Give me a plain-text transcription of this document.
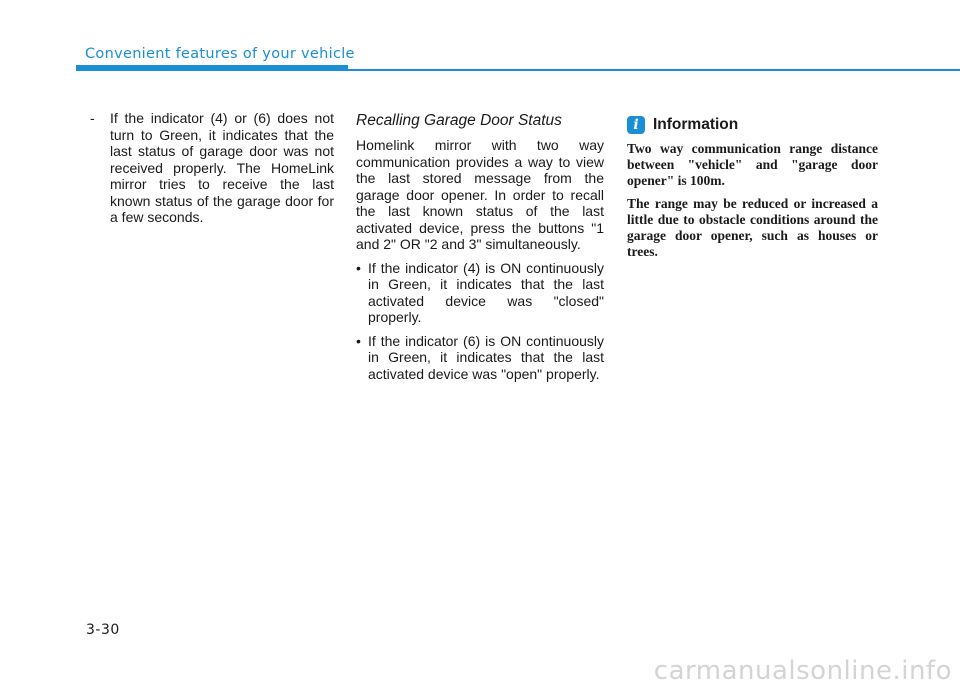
Convenient features of your vehicle
- If the indicator (4) or (6) does not turn to Green, it indicates that the last status of garage door was not received properly. The HomeLink mirror tries to receive the last known status of the garage door for a few seconds.
Recalling Garage Door Status
Homelink mirror with two way communication provides a way to view the last stored message from the garage door opener. In order to recall the last known status of the last activated device, press the buttons "1 and 2" OR "2 and 3" simultaneously.
• If the indicator (4) is ON continuously in Green, it indicates that the last activated device was "closed" properly.
• If the indicator (6) is ON continuously in Green, it indicates that the last activated device was "open" properly.
i Information
Two way communication range distance between "vehicle" and "garage door opener" is 100m.
The range may be reduced or increased a little due to obstacle conditions around the garage door opener, such as houses or trees.
3-30
carmanualsonline.info
